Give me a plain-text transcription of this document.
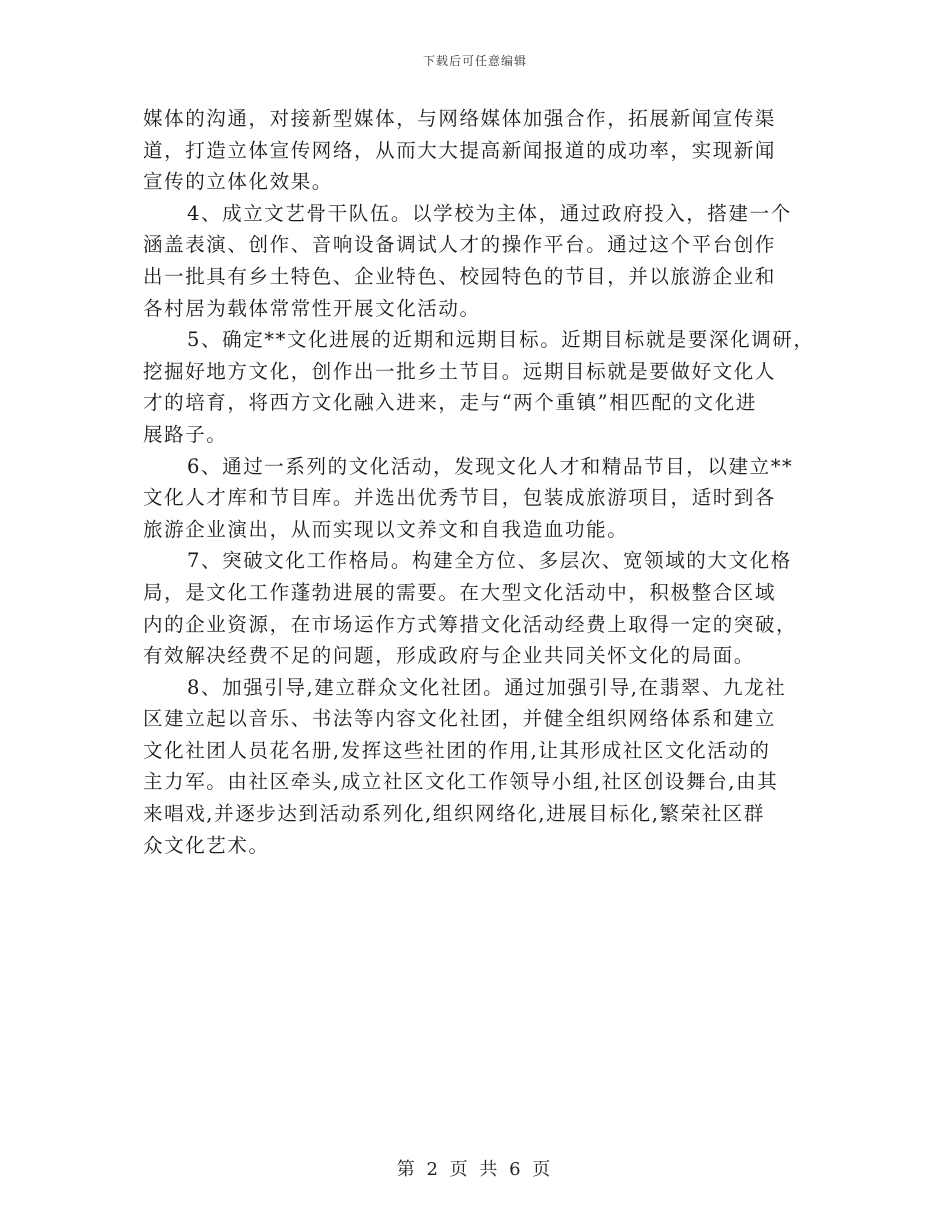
下载后可任意编辑
媒体的沟通，对接新型媒体，与网络媒体加强合作，拓展新闻宣传渠
道，打造立体宣传网络，从而大大提高新闻报道的成功率，实现新闻
宣传的立体化效果。
4、成立文艺骨干队伍。以学校为主体，通过政府投入，搭建一个
涵盖表演、创作、音响设备调试人才的操作平台。通过这个平台创作
出一批具有乡土特色、企业特色、校园特色的节目，并以旅游企业和
各村居为载体常常性开展文化活动。
5、确定**文化进展的近期和远期目标。近期目标就是要深化调研，
挖掘好地方文化，创作出一批乡土节目。远期目标就是要做好文化人
才的培育，将西方文化融入进来，走与“两个重镇”相匹配的文化进
展路子。
6、通过一系列的文化活动，发现文化人才和精品节目，以建立**
文化人才库和节目库。并选出优秀节目，包装成旅游项目，适时到各
旅游企业演出，从而实现以文养文和自我造血功能。
7、突破文化工作格局。构建全方位、多层次、宽领域的大文化格
局，是文化工作蓬勃进展的需要。在大型文化活动中，积极整合区域
内的企业资源，在市场运作方式筹措文化活动经费上取得一定的突破，
有效解决经费不足的问题，形成政府与企业共同关怀文化的局面。
8、加强引导,建立群众文化社团。通过加强引导,在翡翠、九龙社
区建立起以音乐、书法等内容文化社团，并健全组织网络体系和建立
文化社团人员花名册,发挥这些社团的作用,让其形成社区文化活动的
主力军。由社区牵头,成立社区文化工作领导小组,社区创设舞台,由其
来唱戏,并逐步达到活动系列化,组织网络化,进展目标化,繁荣社区群
众文化艺术。
第 2 页 共 6 页
